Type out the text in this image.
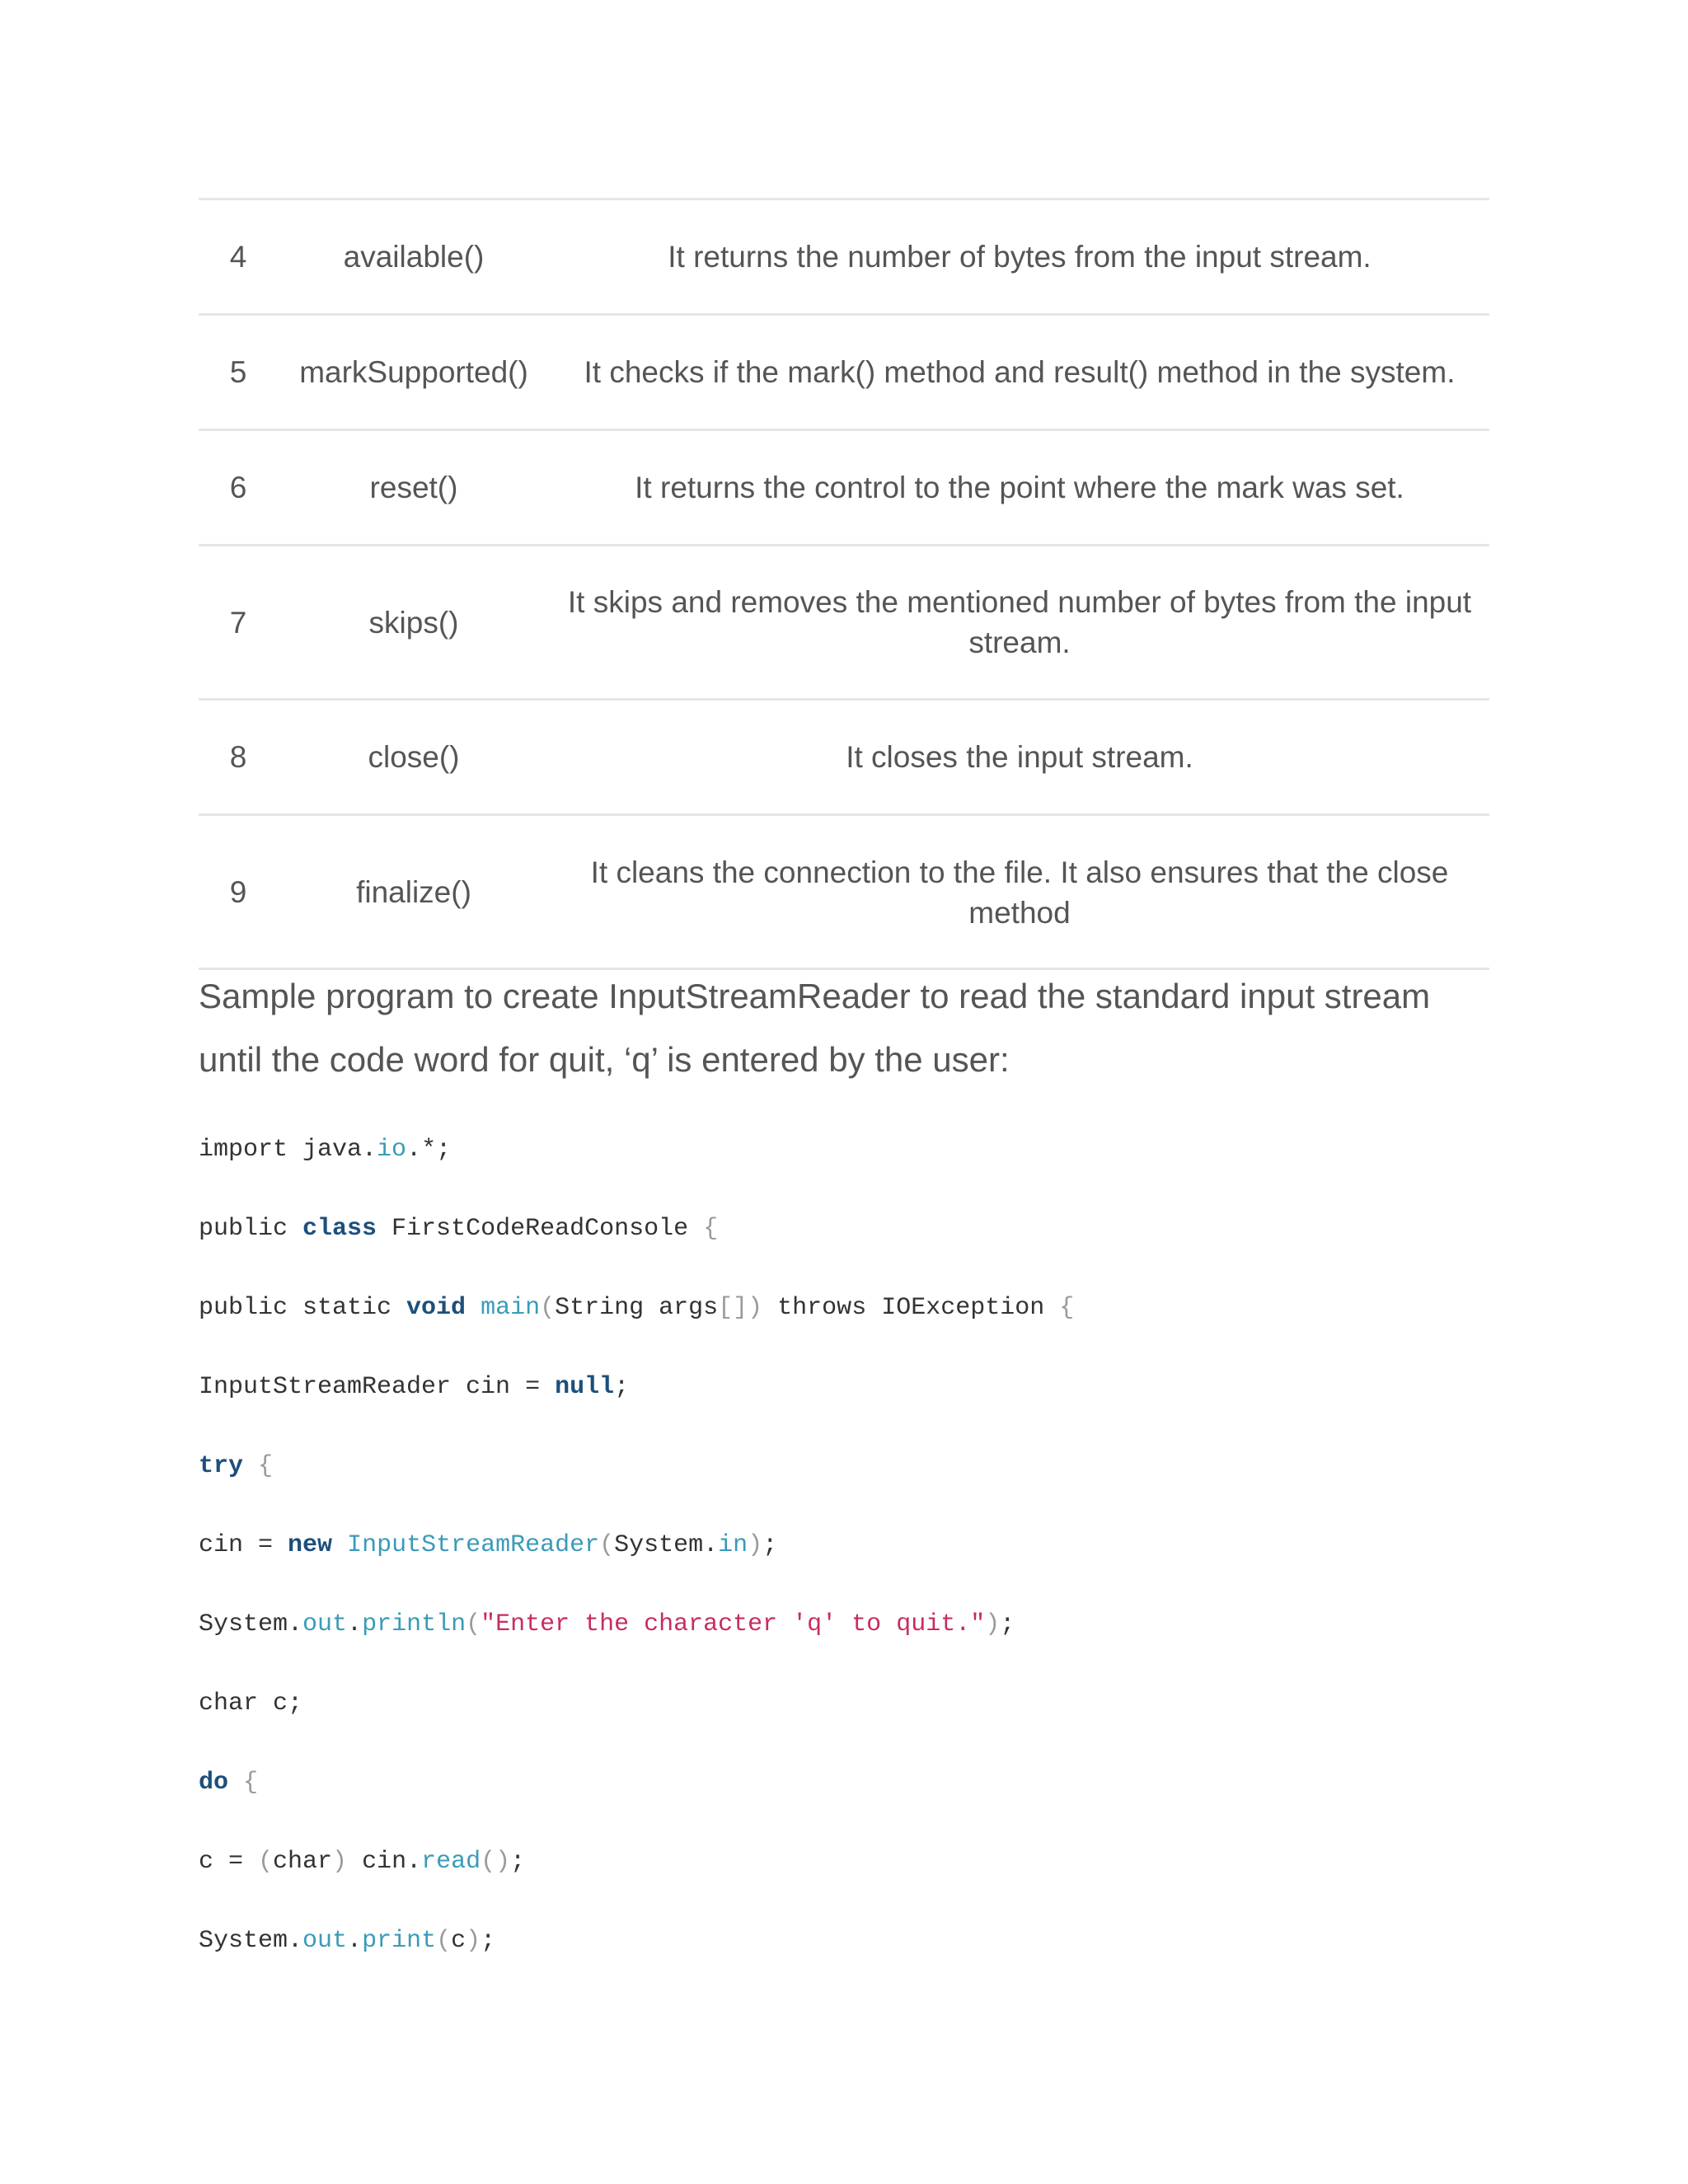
4	available()	It returns the number of bytes from the input stream.
5	markSupported()	It checks if the mark() method and result() method in the system.
6	reset()	It returns the control to the point where the mark was set.
7	skips()	It skips and removes the mentioned number of bytes from the input stream.
8	close()	It closes the input stream.
9	finalize()	It cleans the connection to the file. It also ensures that the close method

Sample program to create InputStreamReader to read the standard input stream until the code word for quit, ‘q’ is entered by the user:

import java.io.*;
public class FirstCodeReadConsole {
public static void main(String args[]) throws IOException {
InputStreamReader cin = null;
try {
cin = new InputStreamReader(System.in);
System.out.println("Enter the character 'q' to quit.");
char c;
do {
c = (char) cin.read();
System.out.print(c);
